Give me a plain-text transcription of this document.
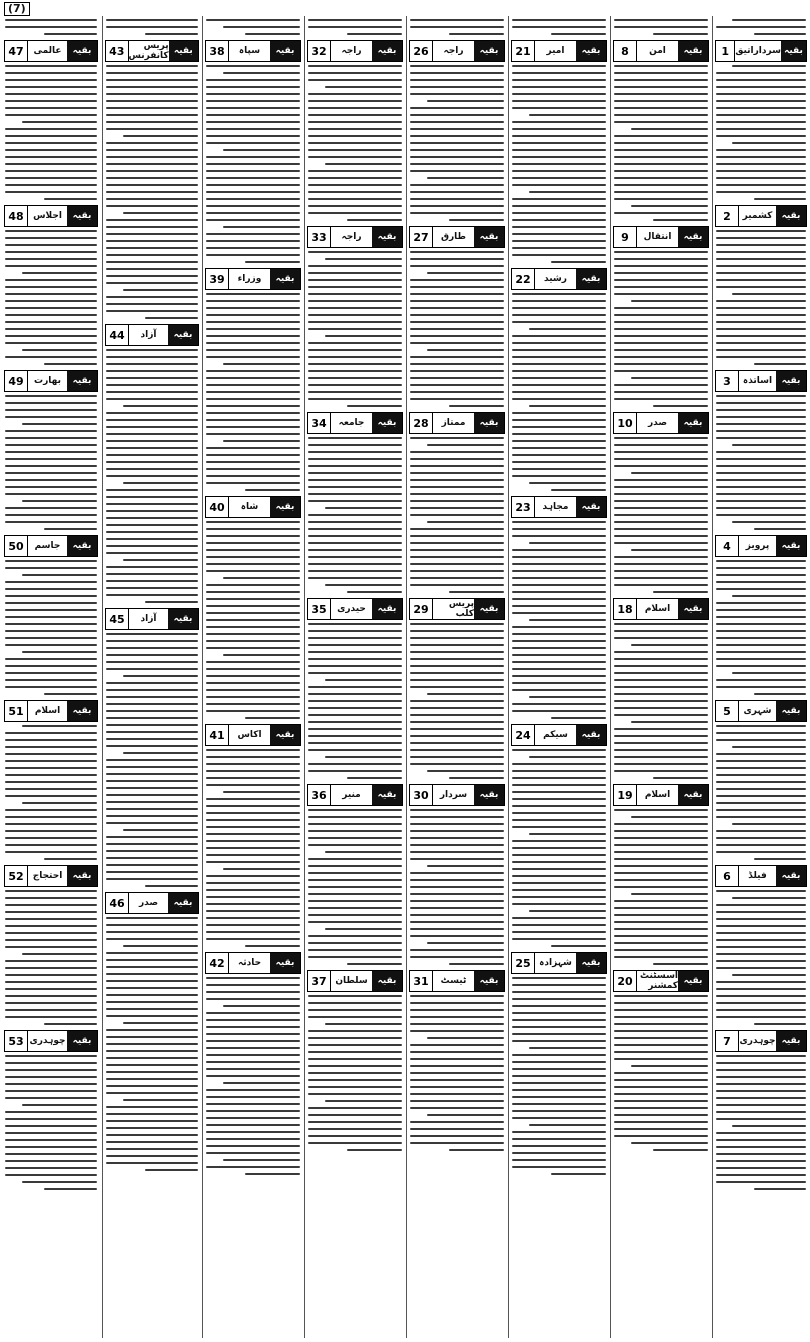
(7)
1 سرداراتیق بقیہ
2	کشمیر	بقیہ
3	اساتذہ	بقیہ
4	پرویز	بقیہ
5	شہری	بقیہ
6	فیلڈ	بقیہ
7 چوہدری بقیہ
8	امن	بقیہ
9	انتقال	بقیہ
10	صدر	بقیہ
18	اسلام	بقیہ
19	اسلام	بقیہ
20 اسسٹنٹ کمشنر بقیہ
21	امیر	بقیہ
22	رشید	بقیہ
23	مجاہد	بقیہ
24	سیکم	بقیہ
25 شہزادہ	بقیہ
26	راجہ	بقیہ
27	طارق	بقیہ
28	ممتاز	بقیہ
29	پریس کلب بقیہ
30	سردار	بقیہ
31	ٹیسٹ	بقیہ
32	راجہ	بقیہ
33	راجہ	بقیہ
34	جامعہ	بقیہ
35	حیدری	بقیہ
36	منیر	بقیہ
37 سلطان	بقیہ
38	سپاہ	بقیہ
39	وزراء	بقیہ
40	شاہ	بقیہ
41	اکاس	بقیہ
42	حادثہ	بقیہ
43	پریس کانفرنس بقیہ
44	آزاد	بقیہ
45	آزاد	بقیہ
46	صدر	بقیہ
47	عالمی	بقیہ
48	اجلاس	بقیہ
49	بھارت	بقیہ
50	جاسم	بقیہ
51	اسلام	بقیہ
52	احتجاج	بقیہ
53 چوہدری بقیہ
